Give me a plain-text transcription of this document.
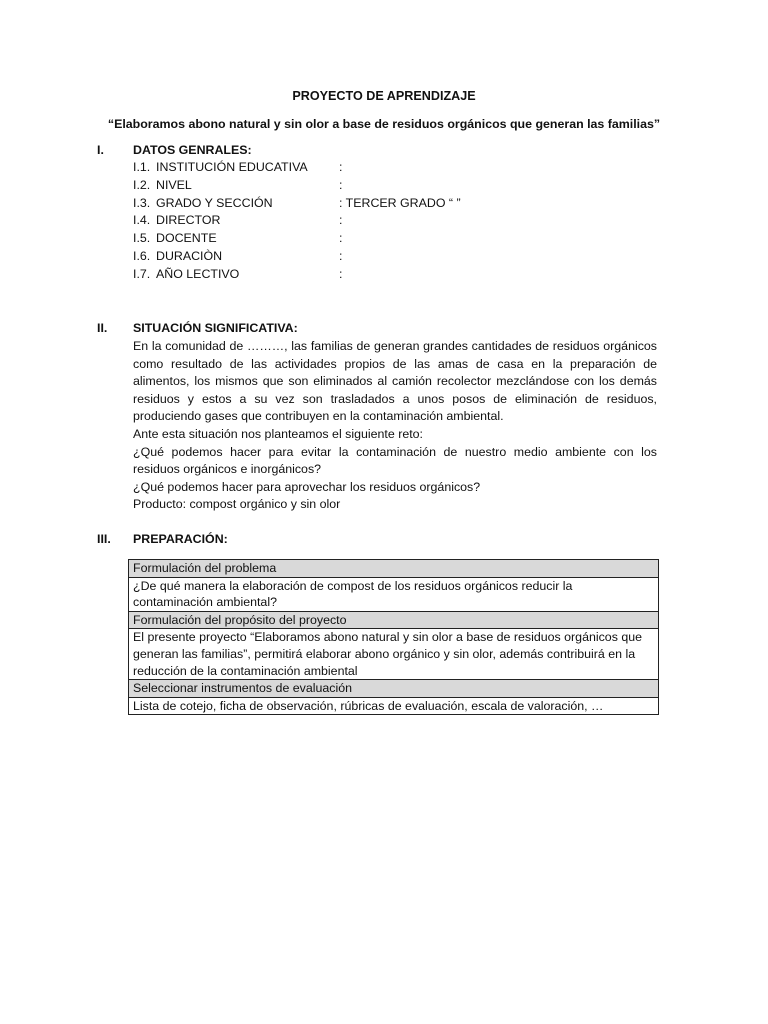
PROYECTO DE APRENDIZAJE
“Elaboramos abono natural y sin olor a base de residuos orgánicos que generan las familias”
I. DATOS GENRALES:
I.1. INSTITUCIÓN EDUCATIVA	:
I.2. NIVEL	:
I.3. GRADO Y SECCIÓN	: TERCER GRADO “ ”
I.4. DIRECTOR	:
I.5. DOCENTE	:
I.6. DURACIÒN	:
I.7. AÑO LECTIVO	:
II. SITUACIÓN SIGNIFICATIVA:

En la comunidad de ………, las familias de generan grandes cantidades de residuos orgánicos como resultado de las actividades propios de las amas de casa en la preparación de alimentos, los mismos que son eliminados al camión recolector mezclándose con los demás residuos y estos a su vez son trasladados a unos posos de eliminación de residuos, produciendo gases que contribuyen en la contaminación ambiental.

Ante esta situación nos planteamos el siguiente reto:

¿Qué podemos hacer para evitar la contaminación de nuestro medio ambiente con los residuos orgánicos e inorgánicos?

¿Qué podemos hacer para aprovechar los residuos orgánicos?

Producto: compost orgánico y sin olor

III. PREPARACIÓN:
Formulación del problema
¿De qué manera la elaboración de compost de los residuos orgánicos reducir la contaminación ambiental?
Formulación del propósito del proyecto
El presente proyecto “Elaboramos abono natural y sin olor a base de residuos orgánicos que generan las familias”, permitirá elaborar abono orgánico y sin olor, además contribuirá en la reducción de la contaminación ambiental
Seleccionar instrumentos de evaluación
Lista de cotejo, ficha de observación, rúbricas de evaluación, escala de valoración, …
